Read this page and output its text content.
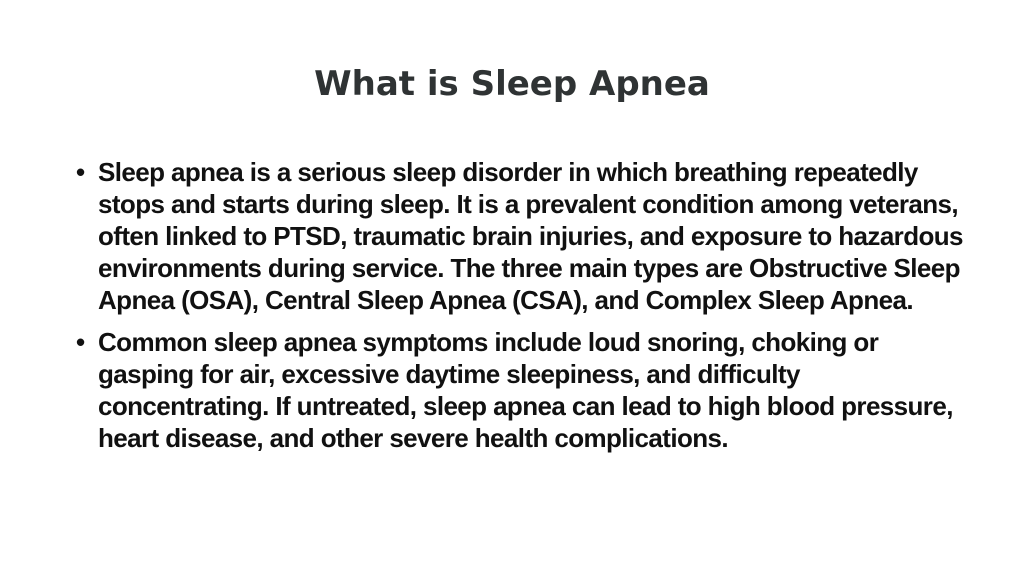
What is Sleep Apnea
• Sleep apnea is a serious sleep disorder in which breathing repeatedly stops and starts during sleep. It is a prevalent condition among veterans, often linked to PTSD, traumatic brain injuries, and exposure to hazardous environments during service. The three main types are Obstructive Sleep Apnea (OSA), Central Sleep Apnea (CSA), and Complex Sleep Apnea.
• Common sleep apnea symptoms include loud snoring, choking or gasping for air, excessive daytime sleepiness, and difficulty concentrating. If untreated, sleep apnea can lead to high blood pressure, heart disease, and other severe health complications.
